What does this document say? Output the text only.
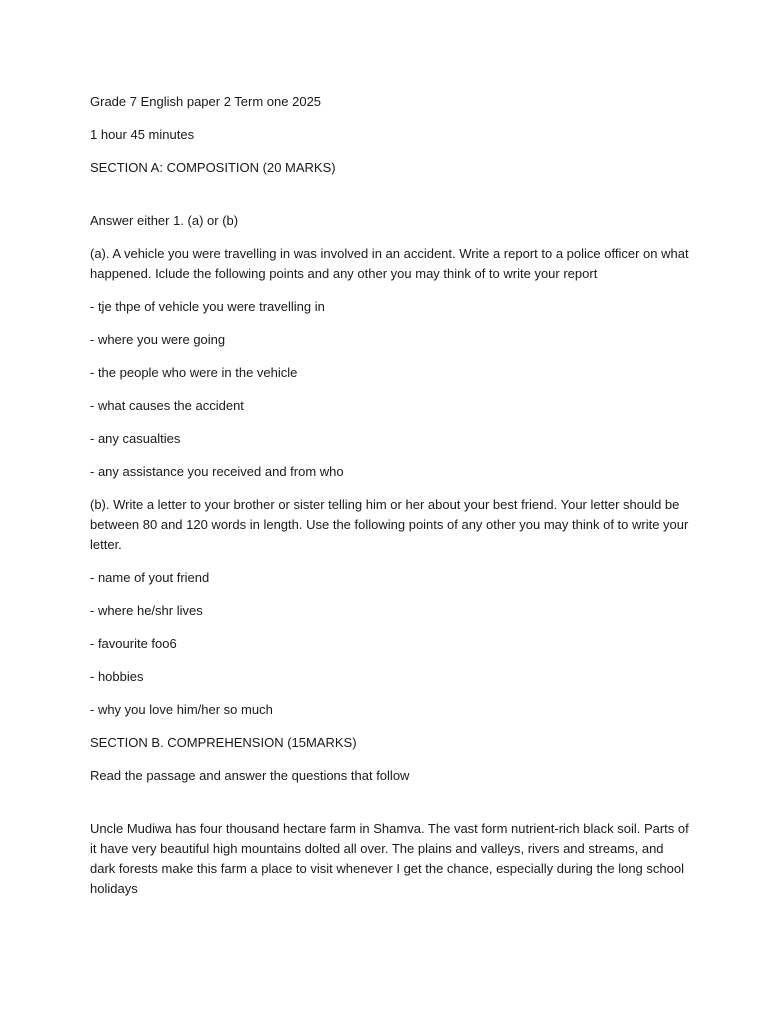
Grade 7 English paper 2 Term one 2025

1 hour 45 minutes

SECTION A: COMPOSITION (20 MARKS)

Answer either 1. (a) or (b)

(a). A vehicle you were travelling in was involved in an accident. Write a report to a police officer on what happened. Iclude the following points and any other you may think of to write your report

- tje thpe of vehicle you were travelling in

- where you were going

- the people who were in the vehicle

- what causes the accident

- any casualties

- any assistance you received and from who

(b). Write a letter to your brother or sister telling him or her about your best friend. Your letter should be between 80 and 120 words in length. Use the following points of any other you may think of to write your letter.

- name of yout friend

- where he/shr lives

- favourite foo6

- hobbies

- why you love him/her so much

SECTION B. COMPREHENSION (15MARKS)

Read the passage and answer the questions that follow

Uncle Mudiwa has four thousand hectare farm in Shamva. The vast form nutrient-rich black soil. Parts of it have very beautiful high mountains dolted all over. The plains and valleys, rivers and streams, and dark forests make this farm a place to visit whenever I get the chance, especially during the long school holidays
